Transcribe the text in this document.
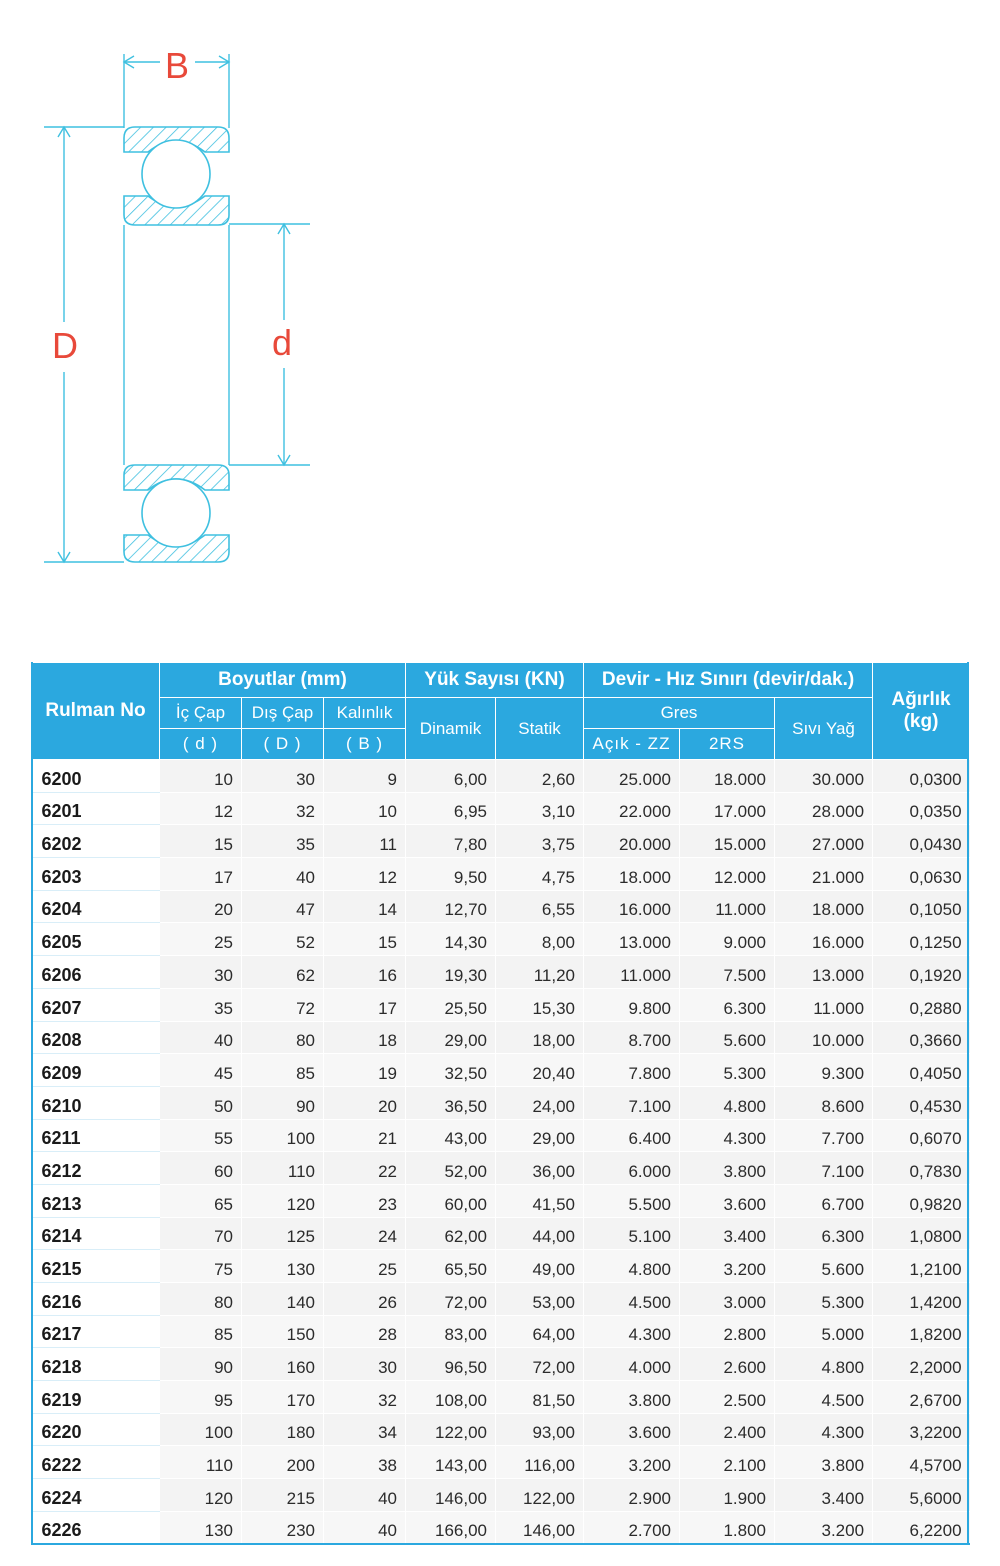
B
D	d
Rulman No	Boyutlar (mm)			Yük Sayısı (KN)		Devir - Hız Sınırı (devir/dak.)			Ağırlık (kg)
	İç Çap	Dış Çap	Kalınlık	Dinamik	Statik	Gres		Sıvı Yağ	
	( d )	( D )	( B )			Açık - ZZ	2RS		
6200	10	30	9	6,00	2,60	25.000	18.000	30.000	0,0300
6201	12	32	10	6,95	3,10	22.000	17.000	28.000	0,0350
6202	15	35	11	7,80	3,75	20.000	15.000	27.000	0,0430
6203	17	40	12	9,50	4,75	18.000	12.000	21.000	0,0630
6204	20	47	14	12,70	6,55	16.000	11.000	18.000	0,1050
6205	25	52	15	14,30	8,00	13.000	9.000	16.000	0,1250
6206	30	62	16	19,30	11,20	11.000	7.500	13.000	0,1920
6207	35	72	17	25,50	15,30	9.800	6.300	11.000	0,2880
6208	40	80	18	29,00	18,00	8.700	5.600	10.000	0,3660
6209	45	85	19	32,50	20,40	7.800	5.300	9.300	0,4050
6210	50	90	20	36,50	24,00	7.100	4.800	8.600	0,4530
6211	55	100	21	43,00	29,00	6.400	4.300	7.700	0,6070
6212	60	110	22	52,00	36,00	6.000	3.800	7.100	0,7830
6213	65	120	23	60,00	41,50	5.500	3.600	6.700	0,9820
6214	70	125	24	62,00	44,00	5.100	3.400	6.300	1,0800
6215	75	130	25	65,50	49,00	4.800	3.200	5.600	1,2100
6216	80	140	26	72,00	53,00	4.500	3.000	5.300	1,4200
6217	85	150	28	83,00	64,00	4.300	2.800	5.000	1,8200
6218	90	160	30	96,50	72,00	4.000	2.600	4.800	2,2000
6219	95	170	32	108,00	81,50	3.800	2.500	4.500	2,6700
6220	100	180	34	122,00	93,00	3.600	2.400	4.300	3,2200
6222	110	200	38	143,00	116,00	3.200	2.100	3.800	4,5700
6224	120	215	40	146,00	122,00	2.900	1.900	3.400	5,6000
6226	130	230	40	166,00	146,00	2.700	1.800	3.200	6,2200
